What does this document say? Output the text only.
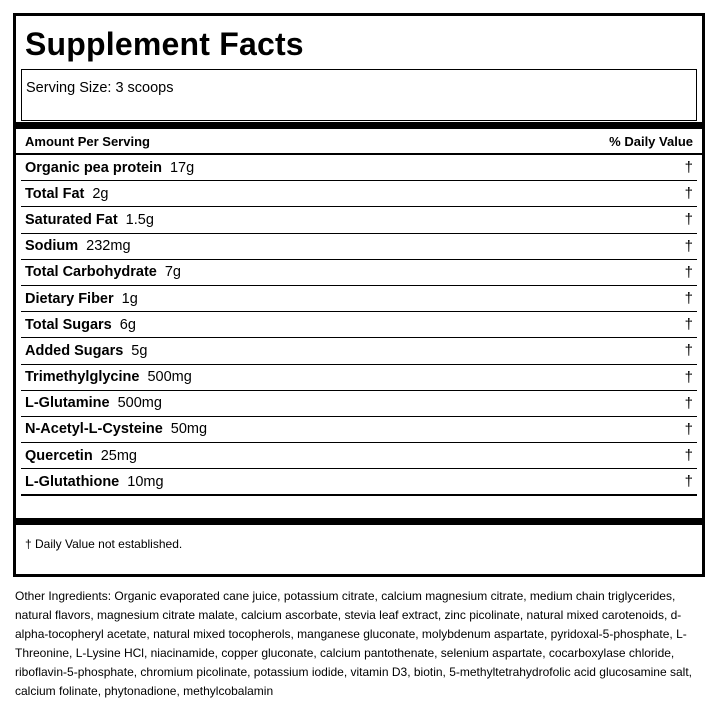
Supplement Facts
Serving Size: 3 scoops
Amount Per Serving	% Daily Value
Organic pea protein 17g	†
Total Fat 2g	†
Saturated Fat 1.5g	†
Sodium 232mg	†
Total Carbohydrate 7g	†
Dietary Fiber 1g	†
Total Sugars 6g	†
Added Sugars 5g	†
Trimethylglycine 500mg	†
L-Glutamine 500mg	†
N-Acetyl-L-Cysteine 50mg	†
Quercetin 25mg	†
L-Glutathione 10mg	†
† Daily Value not established.
Other Ingredients: Organic evaporated cane juice, potassium citrate, calcium magnesium citrate, medium chain triglycerides, natural flavors, magnesium citrate malate, calcium ascorbate, stevia leaf extract, zinc picolinate, natural mixed carotenoids, d-alpha-tocopheryl acetate, natural mixed tocopherols, manganese gluconate, molybdenum aspartate, pyridoxal-5-phosphate, L-Threonine, L-Lysine HCl, niacinamide, copper gluconate, calcium pantothenate, selenium aspartate, cocarboxylase chloride, riboflavin-5-phosphate, chromium picolinate, potassium iodide, vitamin D3, biotin, 5-methyltetrahydrofolic acid glucosamine salt, calcium folinate, phytonadione, methylcobalamin
